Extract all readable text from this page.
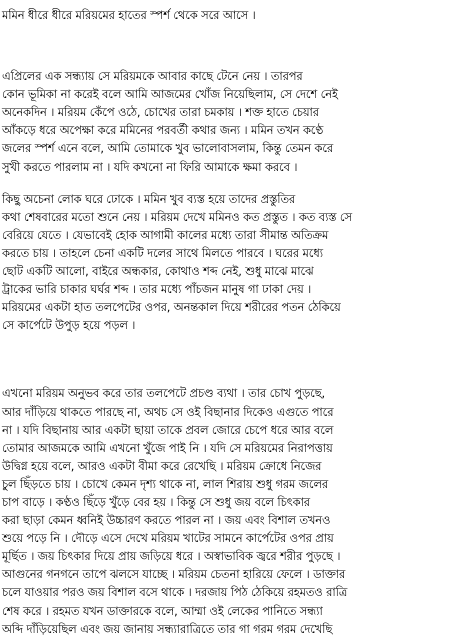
মমিন ধীরে ধীরে মরিয়মের হাতের স্পর্শ থেকে সরে আসে ।
এপ্রিলের এক সন্ধ্যায় সে মরিয়মকে আবার কাছে টেনে নেয় । তারপর
কোন ভূমিকা না করেই বলে আমি আজমের খোঁজ নিয়েছিলাম, সে দেশে নেই
অনেকদিন । মরিয়ম কেঁপে ওঠে, চোখের তারা চমকায় । শক্ত হাতে চেয়ার
আঁকড়ে ধরে অপেক্ষা করে মমিনের পরবর্তী কথার জন্য । মমিন তখন কণ্ঠে
জলের স্পর্শ এনে বলে, আমি তোমাকে খুব ভালোবাসলাম, কিন্তু তেমন করে
সুখী করতে পারলাম না । যদি কখনো না ফিরি আমাকে ক্ষমা করবে ।
কিছু অচেনা লোক ঘরে ঢোকে । মমিন খুব ব্যস্ত হয়ে তাদের প্রস্তুতির
কথা শেষবারের মতো শুনে নেয় । মরিয়ম দেখে মমিনও কত প্রস্তুত । কত ব্যস্ত সে
বেরিয়ে যেতে । যেভাবেই হোক আগামী কালের মধ্যে তারা সীমান্ত অতিক্রম
করতে চায় । তাহলে চেনা একটি দলের সাথে মিলতে পারবে । ঘরের মধ্যে
ছোট একটি আলো, বাইরে অন্ধকার, কোথাও শব্দ নেই, শুধু মাঝে মাঝে
ট্রাকের ভারি চাকার ঘর্ঘর শব্দ । তার মধ্যে পাঁচজন মানুষ গা ঢাকা দেয় ।
মরিয়মের একটা হাত তলপেটের ওপর, অনন্তকাল দিয়ে শরীরের পতন ঠেকিয়ে
সে কার্পেটে উপুড় হয়ে পড়ল ।
এখনো মরিয়ম অনুভব করে তার তলপেটে প্রচণ্ড ব্যথা । তার চোখ পুড়ছে,
আর দাঁড়িয়ে থাকতে পারছে না, অথচ সে ওই বিছানার দিকেও এগুতে পারে
না । যদি বিছানায় আর একটা ছায়া তাকে প্রবল জোরে চেপে ধরে আর বলে
তোমার আজমকে আমি এখনো খুঁজে পাই নি । যদি সে মরিয়মের নিরাপত্তায়
উদ্বিগ্ন হয়ে বলে, আরও একটা বীমা করে রেখেছি । মরিয়ম ক্রোধে নিজের
চুল ছিঁড়তে চায় । চোখে কেমন দৃশ্য থাকে না, লাল শিরায় শুধু গরম জলের
চাপ বাড়ে । কণ্ঠও ছিঁড়ে খুঁড়ে বের হয় । কিন্তু সে শুধু জয় বলে চিৎকার
করা ছাড়া কেমন ধ্বনিই উচ্চারণ করতে পারল না । জয় এবং বিশাল তখনও
শুয়ে পড়ে নি । দৌড়ে এসে দেখে মরিয়ম খাটের সামনে কার্পেটের ওপর প্রায়
মূর্ছিত । জয় চিৎকার দিয়ে প্রায় জড়িয়ে ধরে । অস্বাভাবিক জ্বরে শরীর পুড়ছে ।
আগুনের গনগনে তাপে ঝলসে যাচ্ছে । মরিয়ম চেতনা হারিয়ে ফেলে । ডাক্তার
চলে যাওয়ার পরও জয় বিশাল বসে থাকে । দরজায় পিঠ ঠেকিয়ে রহমতও রাত্রি
শেষ করে । রহমত যখন ডাক্তারকে বলে, আম্মা ওই লেকের পানিতে সন্ধ্যা
অব্দি দাঁড়িয়েছিল এবং জয় জানায় সন্ধ্যারাত্রিতে তার গা গরম গরম দেখেছি
